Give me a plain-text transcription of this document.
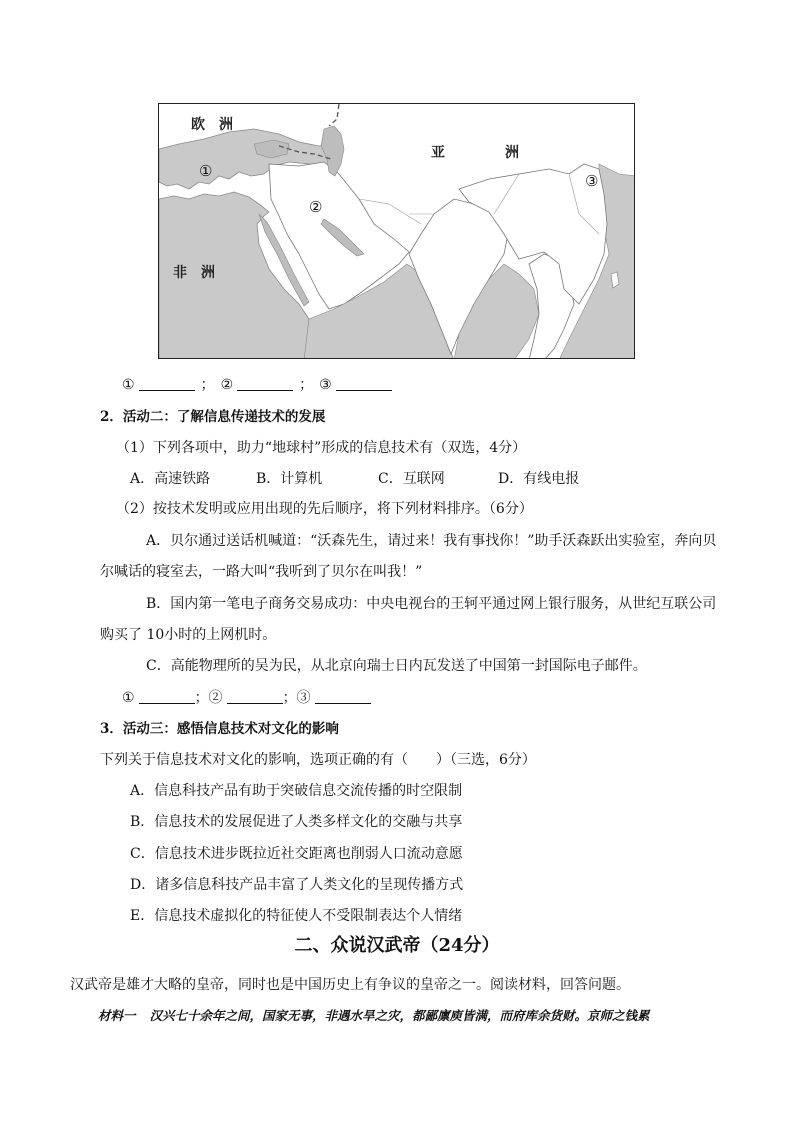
欧　洲
亚	洲
非　洲
①
②
③
①	； ②	； ③
2．活动二：了解信息传递技术的发展
（1）下列各项中，助力“地球村”形成的信息技术有（双选，4分）
A．高速铁路	B．计算机	C．互联网	D．有线电报
（2）按技术发明或应用出现的先后顺序，将下列材料排序。（6分）
A．贝尔通过送话机喊道：“沃森先生，请过来！我有事找你！”助手沃森跃出实验室，奔向贝
尔喊话的寝室去，一路大叫“我听到了贝尔在叫我！”
B．国内第一笔电子商务交易成功：中央电视台的王轲平通过网上银行服务，从世纪互联公司
购买了 10小时的上网机时。
C．高能物理所的吴为民，从北京向瑞士日内瓦发送了中国第一封国际电子邮件。
①	；②	；③
3．活动三：感悟信息技术对文化的影响
下列关于信息技术对文化的影响，选项正确的有（　　）（三选，6分）
A．信息科技产品有助于突破信息交流传播的时空限制
B．信息技术的发展促进了人类多样文化的交融与共享
C．信息技术进步既拉近社交距离也削弱人口流动意愿
D．诸多信息科技产品丰富了人类文化的呈现传播方式
E．信息技术虚拟化的特征使人不受限制表达个人情绪
二、众说汉武帝（24分）
汉武帝是雄才大略的皇帝，同时也是中国历史上有争议的皇帝之一。阅读材料，回答问题。
材料一 汉兴七十余年之间，国家无事，非遇水旱之灾，都鄙廪庾皆满，而府库余货财。京师之钱累
